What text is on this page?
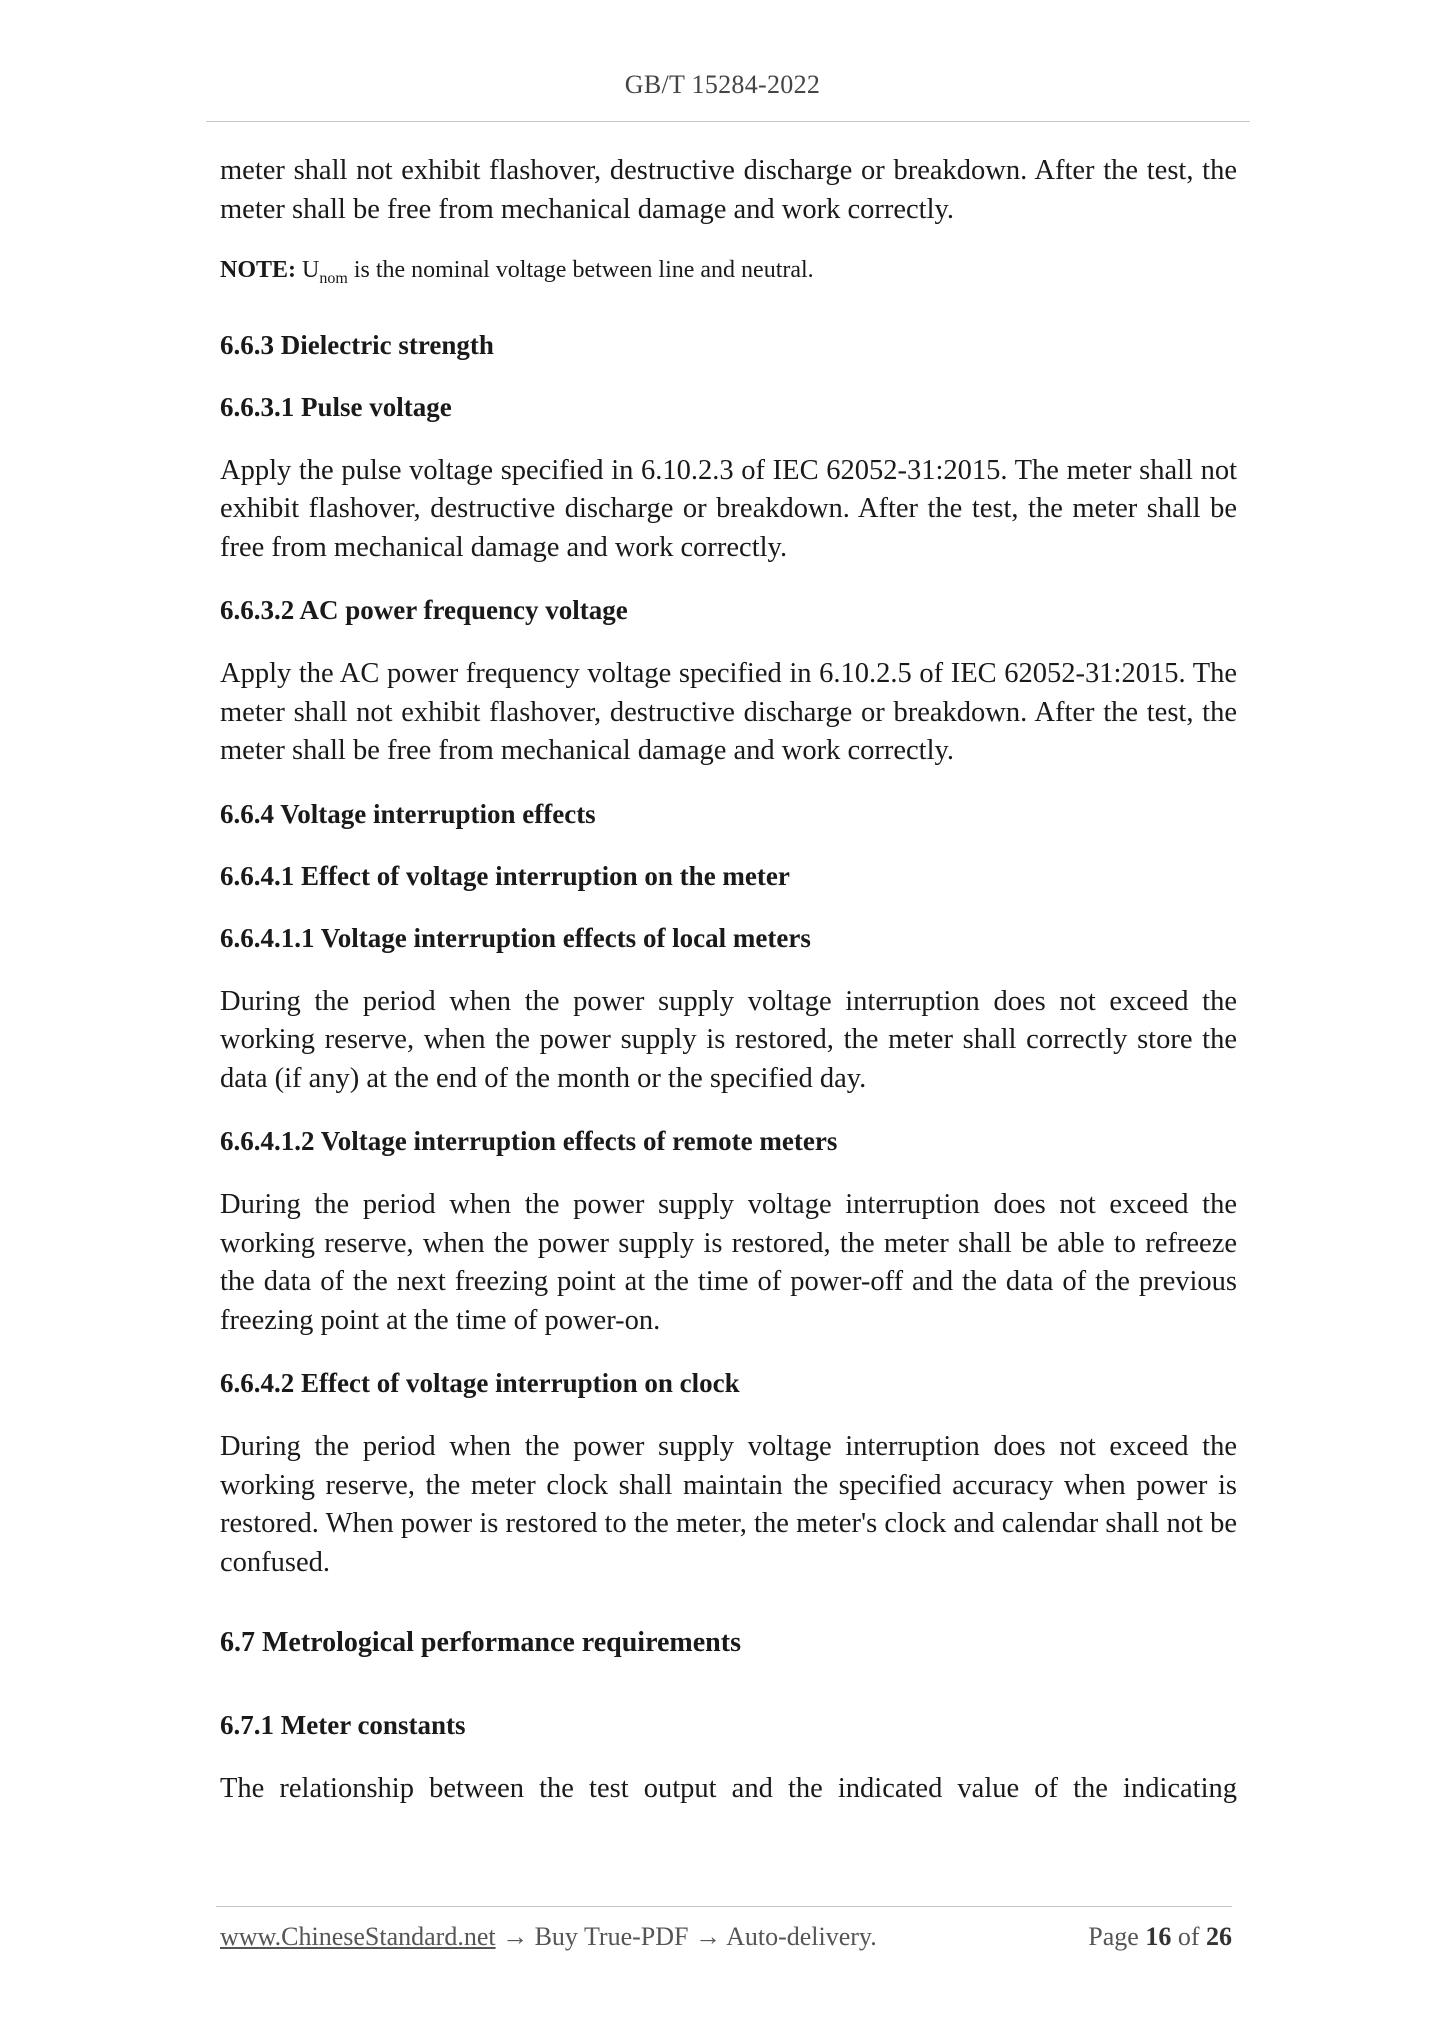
GB/T 15284-2022

meter shall not exhibit flashover, destructive discharge or breakdown. After the test, the meter shall be free from mechanical damage and work correctly.

NOTE: $U_{nom}$ is the nominal voltage between line and neutral.

6.6.3 Dielectric strength
6.6.3.1 Pulse voltage

Apply the pulse voltage specified in 6.10.2.3 of IEC 62052-31:2015. The meter shall not exhibit flashover, destructive discharge or breakdown. After the test, the meter shall be free from mechanical damage and work correctly.

6.6.3.2 AC power frequency voltage

Apply the AC power frequency voltage specified in 6.10.2.5 of IEC 62052-31:2015. The meter shall not exhibit flashover, destructive discharge or breakdown. After the test, the meter shall be free from mechanical damage and work correctly.

6.6.4 Voltage interruption effects
6.6.4.1 Effect of voltage interruption on the meter
6.6.4.1.1 Voltage interruption effects of local meters

During the period when the power supply voltage interruption does not exceed the working reserve, when the power supply is restored, the meter shall correctly store the data (if any) at the end of the month or the specified day.

6.6.4.1.2 Voltage interruption effects of remote meters

During the period when the power supply voltage interruption does not exceed the working reserve, when the power supply is restored, the meter shall be able to refreeze the data of the next freezing point at the time of power-off and the data of the previous freezing point at the time of power-on.

6.6.4.2 Effect of voltage interruption on clock

During the period when the power supply voltage interruption does not exceed the working reserve, the meter clock shall maintain the specified accuracy when power is restored. When power is restored to the meter, the meter's clock and calendar shall not be confused.

6.7 Metrological performance requirements
6.7.1 Meter constants

The relationship between the test output and the indicated value of the indicating

www.ChineseStandard.net → Buy True-PDF → Auto-delivery.	Page 16 of 26
